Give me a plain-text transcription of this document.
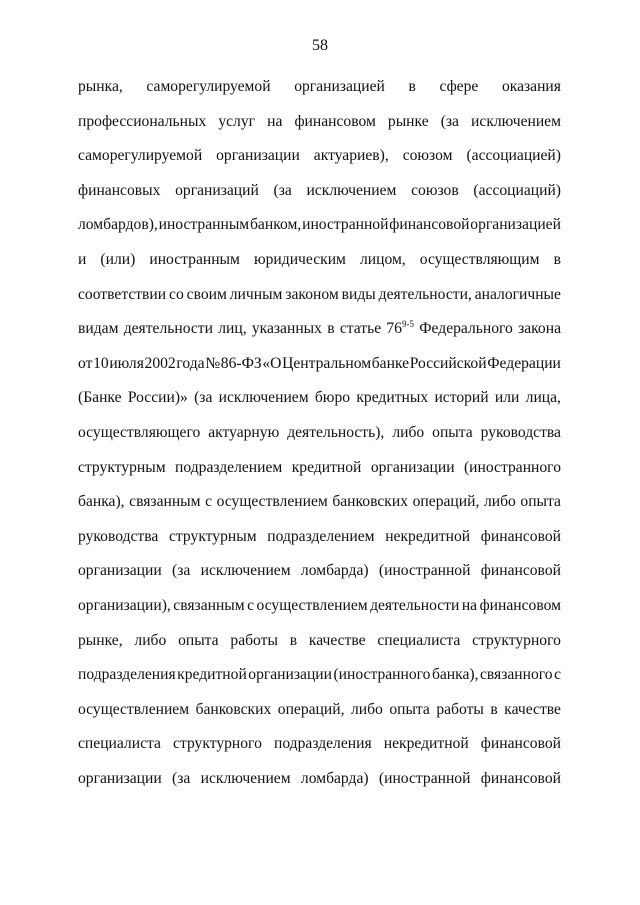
58
рынка, саморегулируемой организацией в сфере оказания
профессиональных услуг на финансовом рынке (за исключением
саморегулируемой организации актуариев), союзом (ассоциацией)
финансовых организаций (за исключением союзов (ассоциаций)
ломбардов), иностранным банком, иностранной финансовой организацией
и (или) иностранным юридическим лицом, осуществляющим в
соответствии со своим личным законом виды деятельности, аналогичные
видам деятельности лиц, указанных в статье 76$^{9-5}$ Федерального закона
от 10 июля 2002 года № 86-ФЗ «О Центральном банке Российской Федерации
(Банке России)» (за исключением бюро кредитных историй или лица,
осуществляющего актуарную деятельность), либо опыта руководства
структурным подразделением кредитной организации (иностранного
банка), связанным с осуществлением банковских операций, либо опыта
руководства структурным подразделением некредитной финансовой
организации (за исключением ломбарда) (иностранной финансовой
организации), связанным с осуществлением деятельности на финансовом
рынке, либо опыта работы в качестве специалиста структурного
подразделения кредитной организации (иностранного банка), связанного с
осуществлением банковских операций, либо опыта работы в качестве
специалиста структурного подразделения некредитной финансовой
организации (за исключением ломбарда) (иностранной финансовой
